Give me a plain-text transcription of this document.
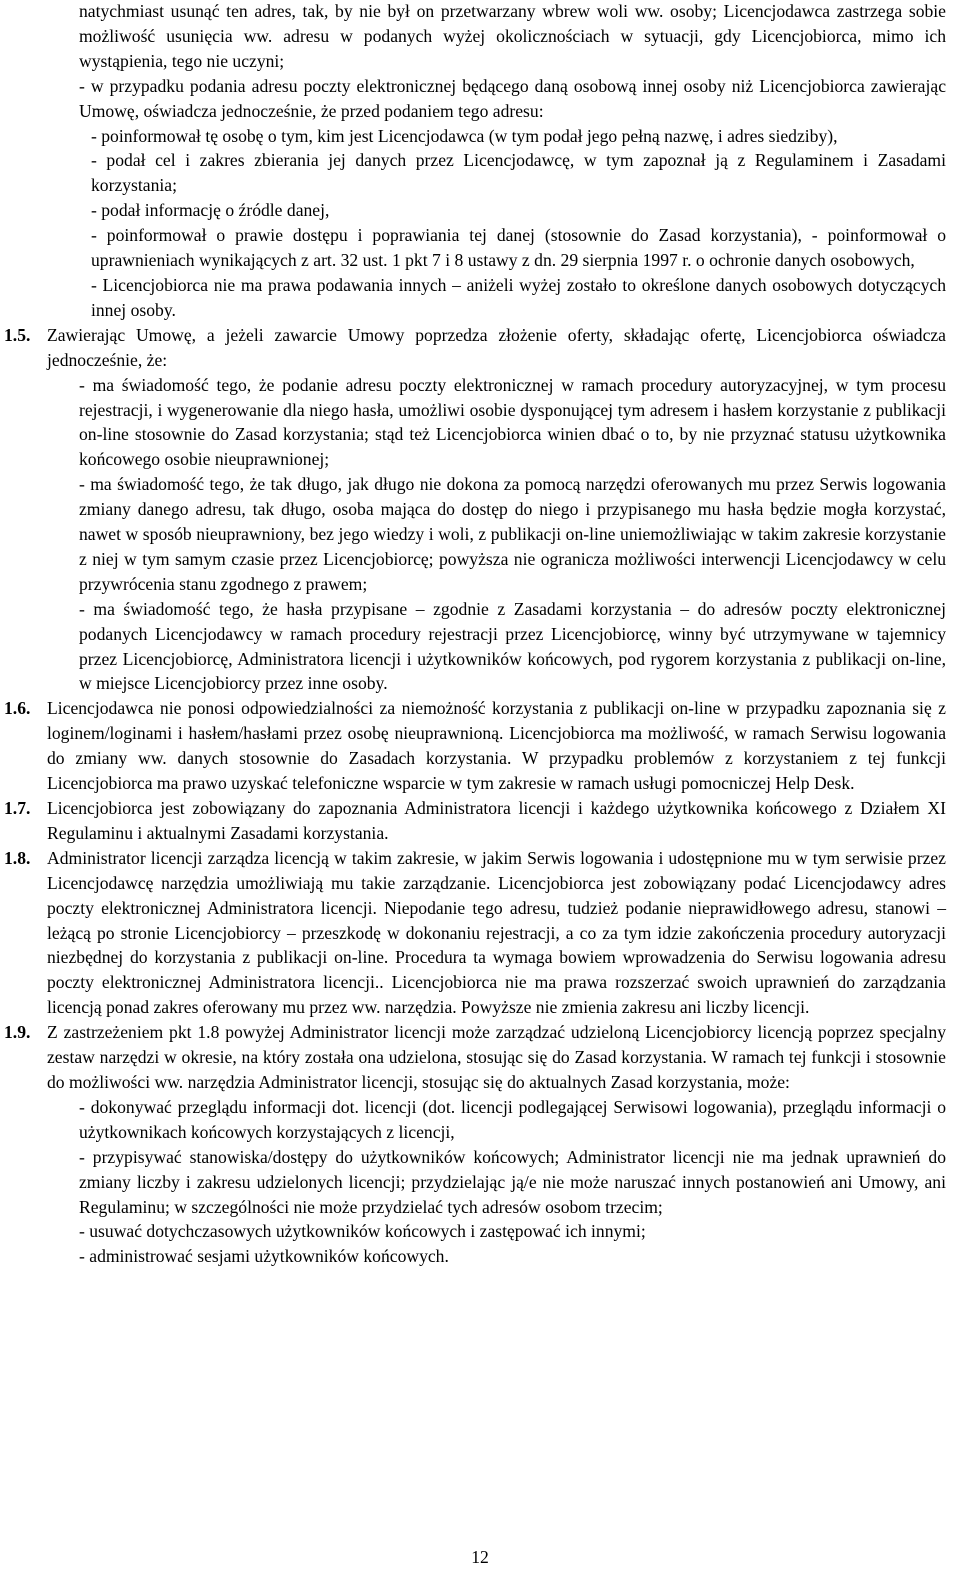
natychmiast usunąć ten adres, tak, by nie był on przetwarzany wbrew woli ww. osoby; Licencjodawca zastrzega sobie możliwość usunięcia ww. adresu w podanych wyżej okolicznościach w sytuacji, gdy Licencjobiorca, mimo ich wystąpienia, tego nie uczyni;

- w przypadku podania adresu poczty elektronicznej będącego daną osobową innej osoby niż Licencjobiorca zawierając Umowę, oświadcza jednocześnie, że przed podaniem tego adresu:

- poinformował tę osobę o tym, kim jest Licencjodawca (w tym podał jego pełną nazwę, i adres siedziby),

- podał cel i zakres zbierania jej danych przez Licencjodawcę, w tym zapoznał ją z Regulaminem i Zasadami korzystania;

- podał informację o źródle danej,

- poinformował o prawie dostępu i poprawiania tej danej (stosownie do Zasad korzystania), - poinformował o uprawnieniach wynikających z art. 32 ust. 1 pkt 7 i 8 ustawy z dn. 29 sierpnia 1997 r. o ochronie danych osobowych,

- Licencjobiorca nie ma prawa podawania innych – aniżeli wyżej zostało to określone danych osobowych dotyczących innej osoby.

1.5. Zawierając Umowę, a jeżeli zawarcie Umowy poprzedza złożenie oferty, składając ofertę, Licencjobiorca oświadcza jednocześnie, że:

- ma świadomość tego, że podanie adresu poczty elektronicznej w ramach procedury autoryzacyjnej, w tym procesu rejestracji, i wygenerowanie dla niego hasła, umożliwi osobie dysponującej tym adresem i hasłem korzystanie z publikacji on-line stosownie do Zasad korzystania; stąd też Licencjobiorca winien dbać o to, by nie przyznać statusu użytkownika końcowego osobie nieuprawnionej;

- ma świadomość tego, że tak długo, jak długo nie dokona za pomocą narzędzi oferowanych mu przez Serwis logowania zmiany danego adresu, tak długo, osoba mająca do dostęp do niego i przypisanego mu hasła będzie mogła korzystać, nawet w sposób nieuprawniony, bez jego wiedzy i woli, z publikacji on-line uniemożliwiając w takim zakresie korzystanie z niej w tym samym czasie przez Licencjobiorcę; powyższa nie ogranicza możliwości interwencji Licencjodawcy w celu przywrócenia stanu zgodnego z prawem;

- ma świadomość tego, że hasła przypisane – zgodnie z Zasadami korzystania – do adresów poczty elektronicznej podanych Licencjodawcy w ramach procedury rejestracji przez Licencjobiorcę, winny być utrzymywane w tajemnicy przez Licencjobiorcę, Administratora licencji i użytkowników końcowych, pod rygorem korzystania z publikacji on-line, w miejsce Licencjobiorcy przez inne osoby.

1.6. Licencjodawca nie ponosi odpowiedzialności za niemożność korzystania z publikacji on-line w przypadku zapoznania się z loginem/loginami i hasłem/hasłami przez osobę nieuprawnioną. Licencjobiorca ma możliwość, w ramach Serwisu logowania do zmiany ww. danych stosownie do Zasadach korzystania. W przypadku problemów z korzystaniem z tej funkcji Licencjobiorca ma prawo uzyskać telefoniczne wsparcie w tym zakresie w ramach usługi pomocniczej Help Desk.

1.7. Licencjobiorca jest zobowiązany do zapoznania Administratora licencji i każdego użytkownika końcowego z Działem XI Regulaminu i aktualnymi Zasadami korzystania.

1.8. Administrator licencji zarządza licencją w takim zakresie, w jakim Serwis logowania i udostępnione mu w tym serwisie przez Licencjodawcę narzędzia umożliwiają mu takie zarządzanie. Licencjobiorca jest zobowiązany podać Licencjodawcy adres poczty elektronicznej Administratora licencji. Niepodanie tego adresu, tudzież podanie nieprawidłowego adresu, stanowi – leżącą po stronie Licencjobiorcy – przeszkodę w dokonaniu rejestracji, a co za tym idzie zakończenia procedury autoryzacji niezbędnej do korzystania z publikacji on-line. Procedura ta wymaga bowiem wprowadzenia do Serwisu logowania adresu poczty elektronicznej Administratora licencji.. Licencjobiorca nie ma prawa rozszerzać swoich uprawnień do zarządzania licencją ponad zakres oferowany mu przez ww. narzędzia. Powyższe nie zmienia zakresu ani liczby licencji.

1.9. Z zastrzeżeniem pkt 1.8 powyżej Administrator licencji może zarządzać udzieloną Licencjobiorcy licencją poprzez specjalny zestaw narzędzi w okresie, na który została ona udzielona, stosując się do Zasad korzystania. W ramach tej funkcji i stosownie do możliwości ww. narzędzia Administrator licencji, stosując się do aktualnych Zasad korzystania, może:

- dokonywać przeglądu informacji dot. licencji (dot. licencji podlegającej Serwisowi logowania), przeglądu informacji o użytkownikach końcowych korzystających z licencji,

- przypisywać stanowiska/dostępy do użytkowników końcowych; Administrator licencji nie ma jednak uprawnień do zmiany liczby i zakresu udzielonych licencji; przydzielając ją/e nie może naruszać innych postanowień ani Umowy, ani Regulaminu; w szczególności nie może przydzielać tych adresów osobom trzecim;

- usuwać dotychczasowych użytkowników końcowych i zastępować ich innymi;

- administrować sesjami użytkowników końcowych.

12
